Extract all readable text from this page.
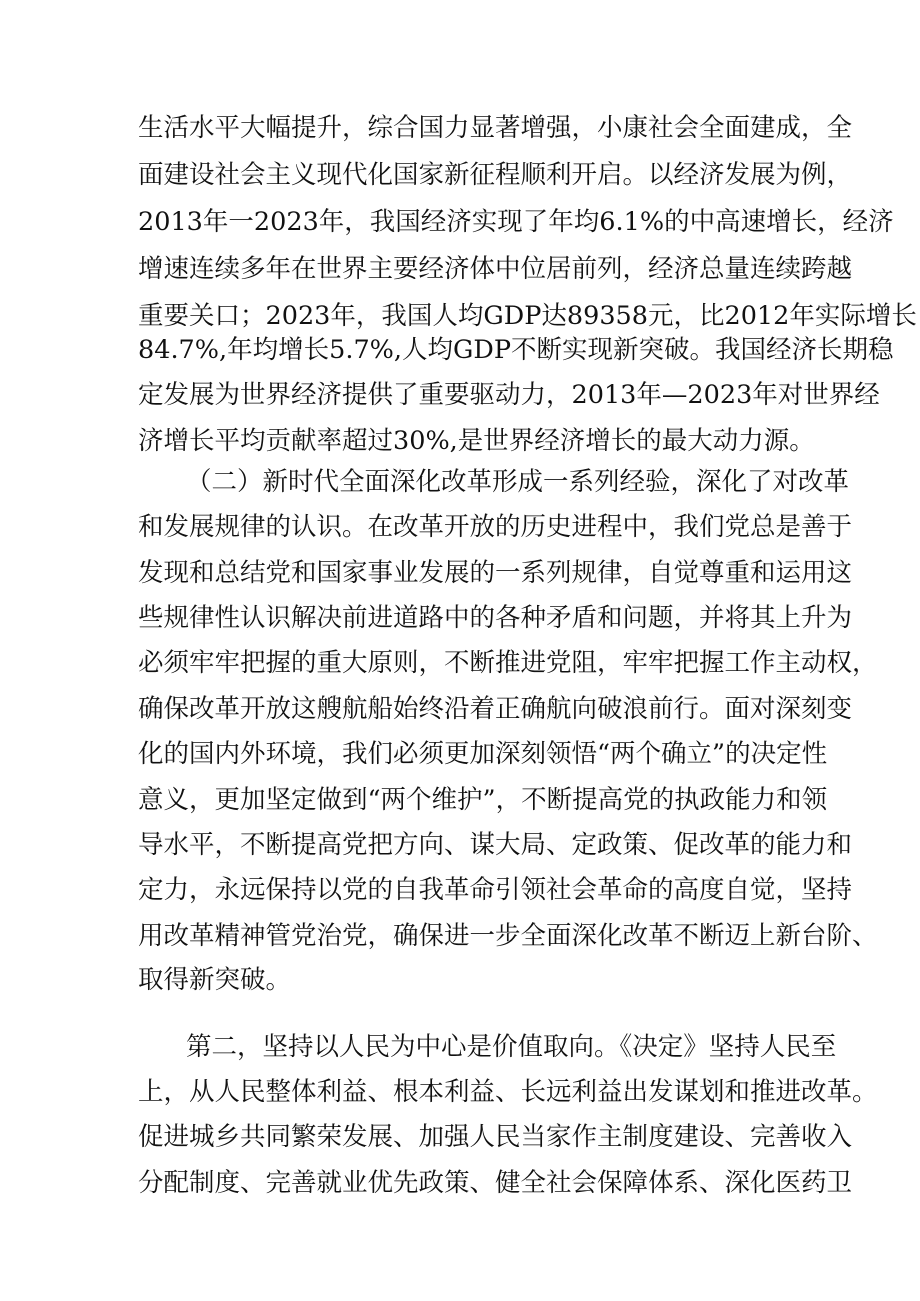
生活水平大幅提升，综合国力显著增强，小康社会全面建成，全

面建设社会主义现代化国家新征程顺利开启。以经济发展为例，

2013年一2023年，我国经济实现了年均6.1%的中高速增长，经济

增速连续多年在世界主要经济体中位居前列，经济总量连续跨越

重要关口；2023年，我国人均GDP达89358元，比2012年实际增长

84.7%,年均增长5.7%,人均GDP不断实现新突破。我国经济长期稳

定发展为世界经济提供了重要驱动力，2013年—2023年对世界经

济增长平均贡献率超过30%,是世界经济增长的最大动力源。

（二）新时代全面深化改革形成一系列经验，深化了对改革

和发展规律的认识。在改革开放的历史进程中，我们党总是善于

发现和总结党和国家事业发展的一系列规律，自觉尊重和运用这

些规律性认识解决前进道路中的各种矛盾和问题，并将其上升为

必须牢牢把握的重大原则，不断推进党阻，牢牢把握工作主动权，

确保改革开放这艘航船始终沿着正确航向破浪前行。面对深刻变

化的国内外环境，我们必须更加深刻领悟“两个确立”的决定性

意义，更加坚定做到“两个维护”，不断提高党的执政能力和领

导水平，不断提高党把方向、谋大局、定政策、促改革的能力和

定力，永远保持以党的自我革命引领社会革命的高度自觉，坚持

用改革精神管党治党，确保进一步全面深化改革不断迈上新台阶、

取得新突破。

第二，坚持以人民为中心是价值取向。《决定》坚持人民至

上，从人民整体利益、根本利益、长远利益出发谋划和推进改革。

促进城乡共同繁荣发展、加强人民当家作主制度建设、完善收入

分配制度、完善就业优先政策、健全社会保障体系、深化医药卫
